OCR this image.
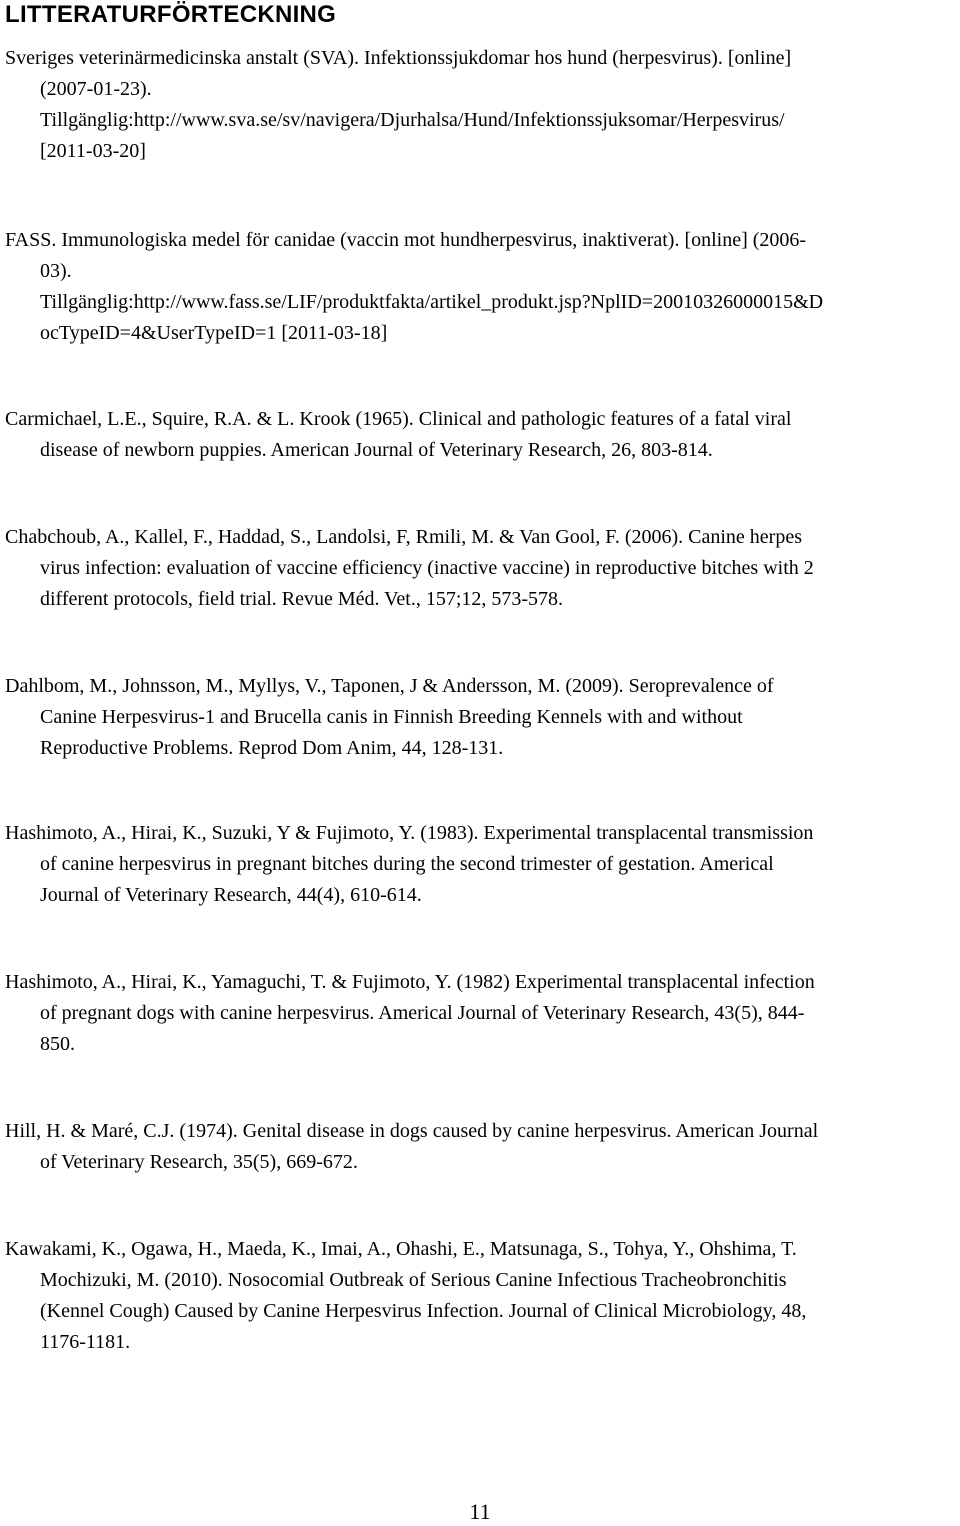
LITTERATURFÖRTECKNING

Sveriges veterinärmedicinska anstalt (SVA). Infektionssjukdomar hos hund (herpesvirus). [online]
(2007-01-23).
Tillgänglig:http://www.sva.se/sv/navigera/Djurhalsa/Hund/Infektionssjuksomar/Herpesvirus/
[2011-03-20]

FASS. Immunologiska medel för canidae (vaccin mot hundherpesvirus, inaktiverat). [online] (2006-
03).
Tillgänglig:http://www.fass.se/LIF/produktfakta/artikel_produkt.jsp?NplID=20010326000015&D
ocTypeID=4&UserTypeID=1 [2011-03-18]

Carmichael, L.E., Squire, R.A. & L. Krook (1965). Clinical and pathologic features of a fatal viral
disease of newborn puppies. American Journal of Veterinary Research, 26, 803-814.

Chabchoub, A., Kallel, F., Haddad, S., Landolsi, F, Rmili, M. & Van Gool, F. (2006). Canine herpes
virus infection: evaluation of vaccine efficiency (inactive vaccine) in reproductive bitches with 2
different protocols, field trial. Revue Méd. Vet., 157;12, 573-578.

Dahlbom, M., Johnsson, M., Myllys, V., Taponen, J & Andersson, M. (2009). Seroprevalence of
Canine Herpesvirus-1 and Brucella canis in Finnish Breeding Kennels with and without
Reproductive Problems. Reprod Dom Anim, 44, 128-131.

Hashimoto, A., Hirai, K., Suzuki, Y & Fujimoto, Y. (1983). Experimental transplacental transmission
of canine herpesvirus in pregnant bitches during the second trimester of gestation. Americal
Journal of Veterinary Research, 44(4), 610-614.

Hashimoto, A., Hirai, K., Yamaguchi, T. & Fujimoto, Y. (1982) Experimental transplacental infection
of pregnant dogs with canine herpesvirus. Americal Journal of Veterinary Research, 43(5), 844-
850.

Hill, H. & Maré, C.J. (1974). Genital disease in dogs caused by canine herpesvirus. American Journal
of Veterinary Research, 35(5), 669-672.

Kawakami, K., Ogawa, H., Maeda, K., Imai, A., Ohashi, E., Matsunaga, S., Tohya, Y., Ohshima, T.
Mochizuki, M. (2010). Nosocomial Outbreak of Serious Canine Infectious Tracheobronchitis
(Kennel Cough) Caused by Canine Herpesvirus Infection. Journal of Clinical Microbiology, 48,
1176-1181.

11
